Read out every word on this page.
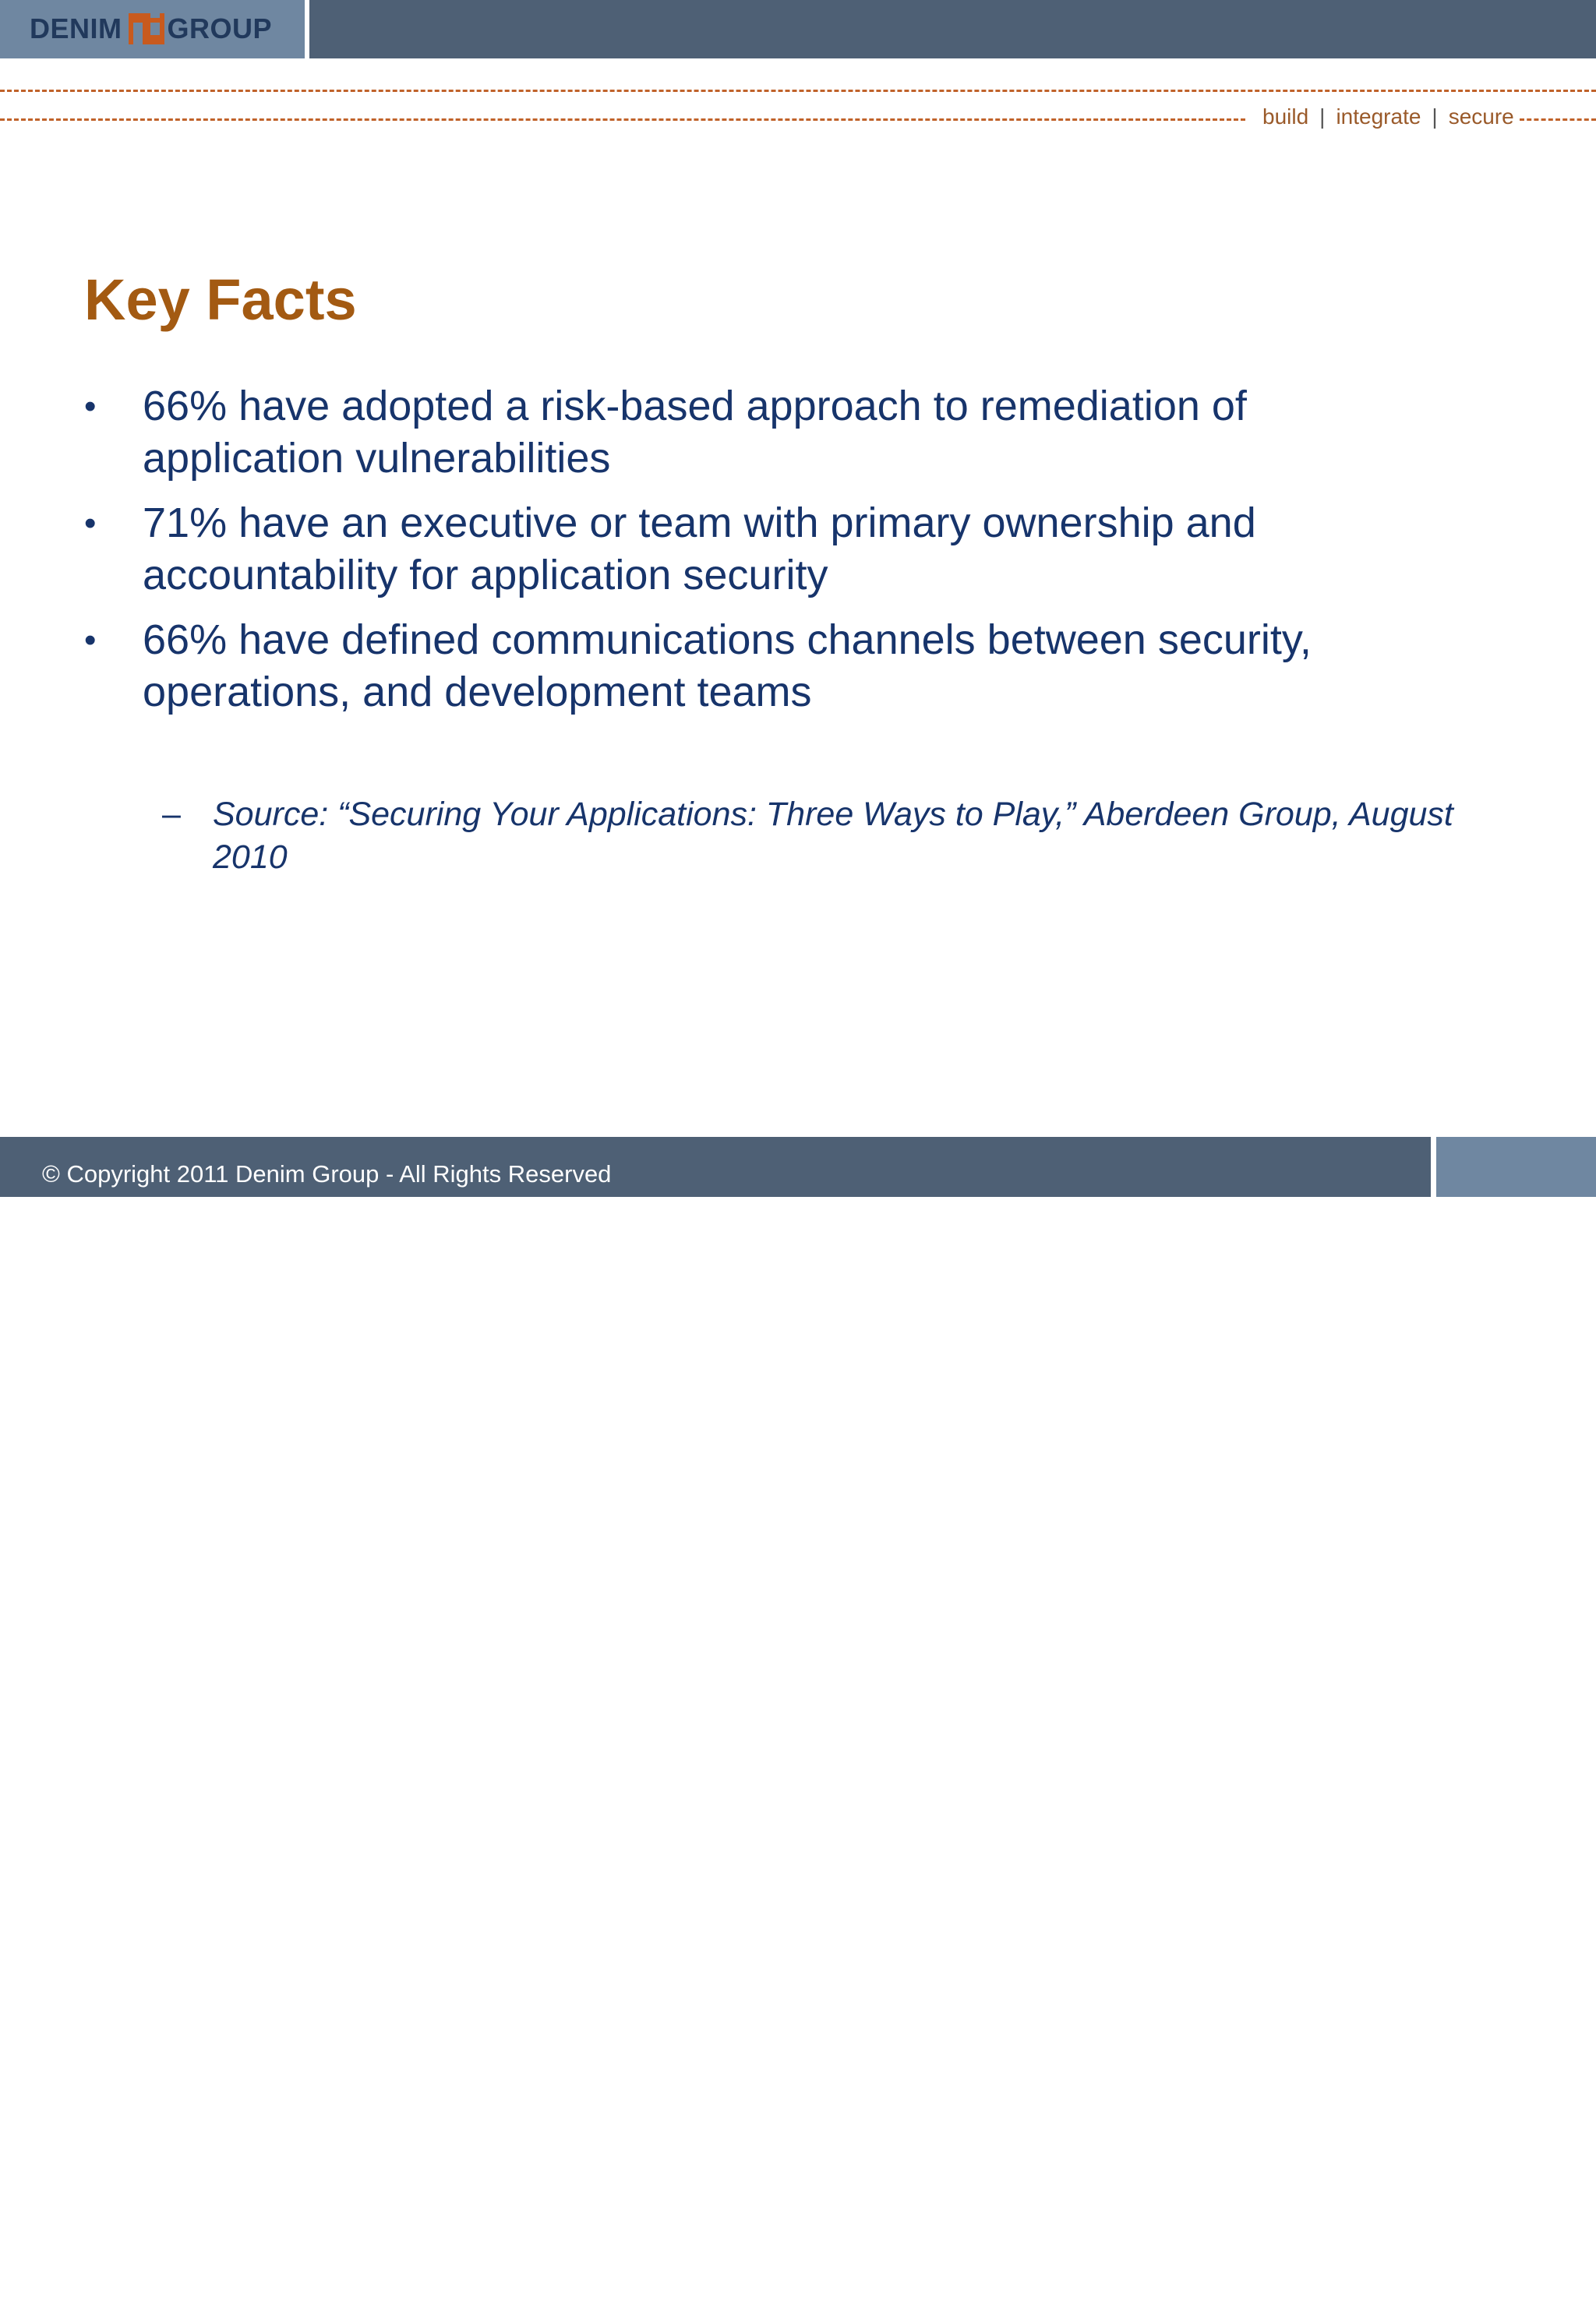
DENIM GROUP
build | integrate | secure
Key Facts
• 66% have adopted a risk-based approach to remediation of application vulnerabilities
• 71% have an executive or team with primary ownership and accountability for application security
• 66% have defined communications channels between security, operations, and development teams
– Source: “Securing Your Applications: Three Ways to Play,” Aberdeen Group, August 2010
9
© Copyright 2011 Denim Group - All Rights Reserved
